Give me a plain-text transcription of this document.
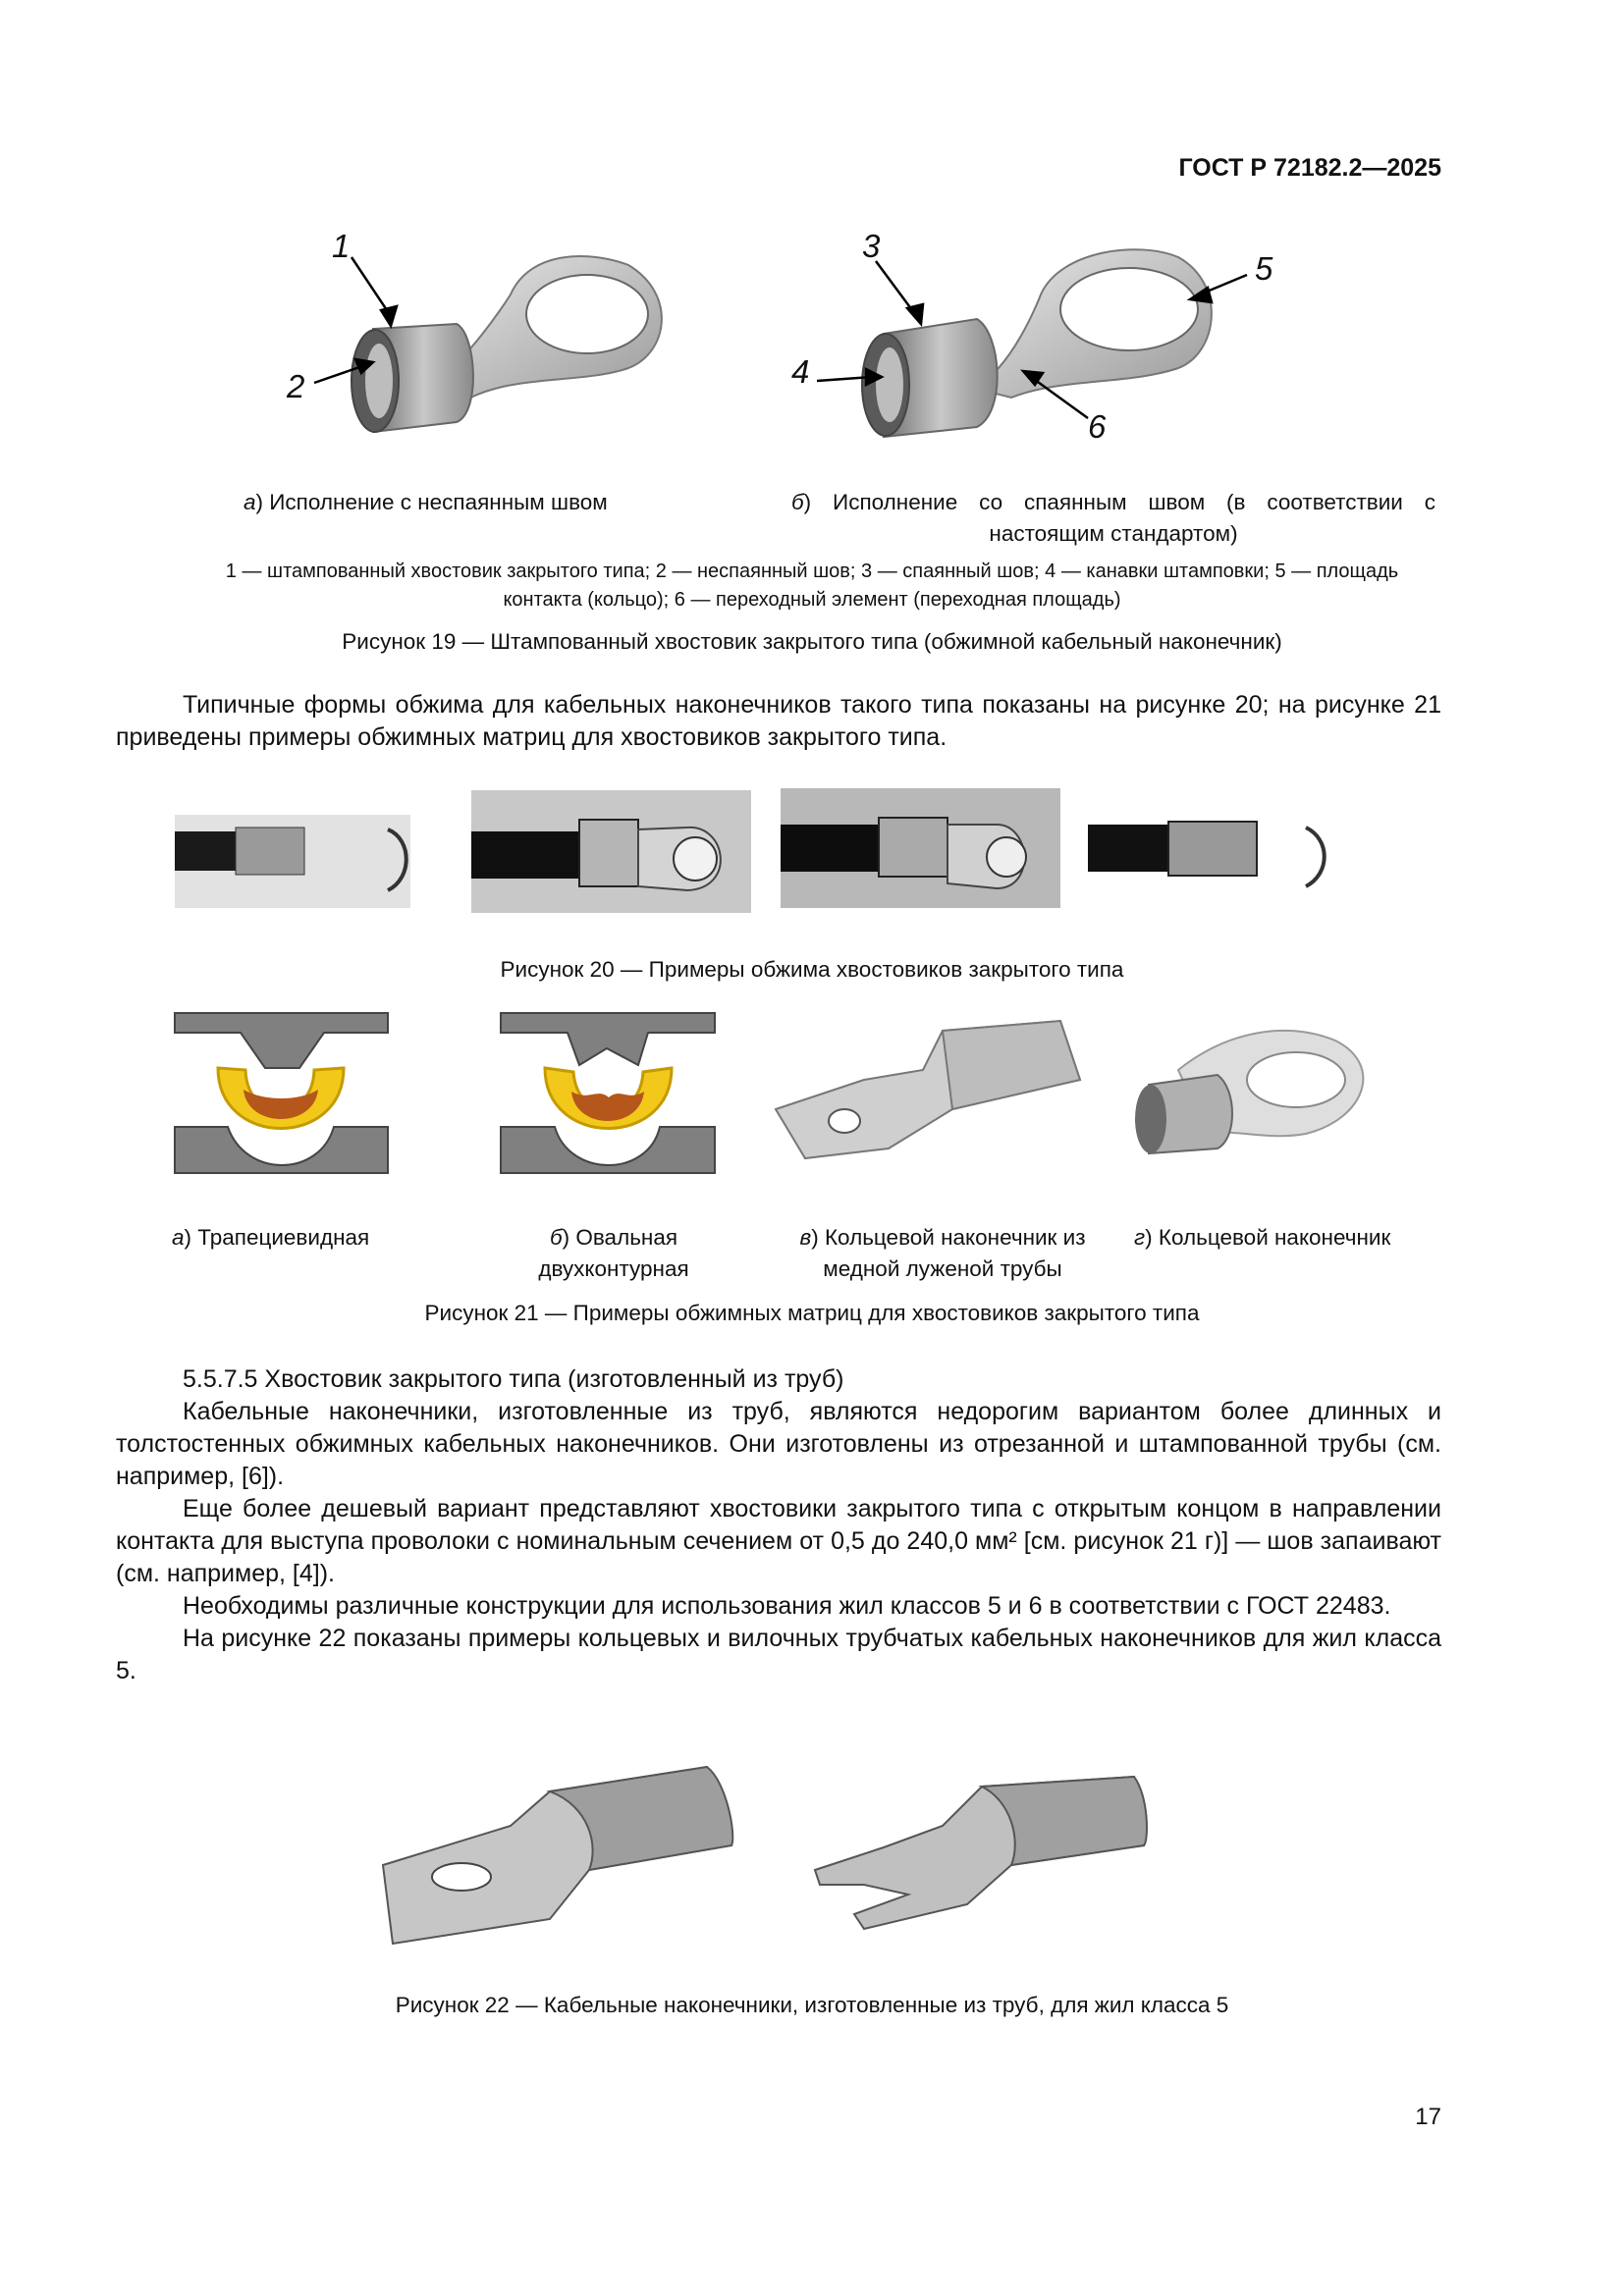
ГОСТ Р 72182.2—2025
1
2
3
4
5
6
а) Исполнение с неспаянным швом	б) Исполнение со спаянным швом (в соответствии с настоящим стандартом)
1 — штампованный хвостовик закрытого типа; 2 — неспаянный шов; 3 — спаянный шов; 4 — канавки штамповки; 5 — площадь
контакта (кольцо); 6 — переходный элемент (переходная площадь)
Рисунок 19 — Штампованный хвостовик закрытого типа (обжимной кабельный наконечник)

Типичные формы обжима для кабельных наконечников такого типа показаны на рисунке 20; на рисунке 21 приведены примеры обжимных матриц для хвостовиков закрытого типа.

Рисунок 20 — Примеры обжима хвостовиков закрытого типа
а) Трапециевидная	б) Овальная двухконтурная
в) Кольцевой наконечник из медной луженой трубы
г) Кольцевой наконечник
Рисунок 21 — Примеры обжимных матриц для хвостовиков закрытого типа

5.5.7.5 Хвостовик закрытого типа (изготовленный из труб)

Кабельные наконечники, изготовленные из труб, являются недорогим вариантом более длинных и толстостенных обжимных кабельных наконечников. Они изготовлены из отрезанной и штампованной трубы (см. например, [6]).

Еще более дешевый вариант представляют хвостовики закрытого типа с открытым концом в направлении контакта для выступа проволоки с номинальным сечением от 0,5 до 240,0 мм² [см. рисунок 21 г)] — шов запаивают (см. например, [4]).

Необходимы различные конструкции для использования жил классов 5 и 6 в соответствии с ГОСТ 22483.

На рисунке 22 показаны примеры кольцевых и вилочных трубчатых кабельных наконечников для жил класса 5.

Рисунок 22 — Кабельные наконечники, изготовленные из труб, для жил класса 5
17
